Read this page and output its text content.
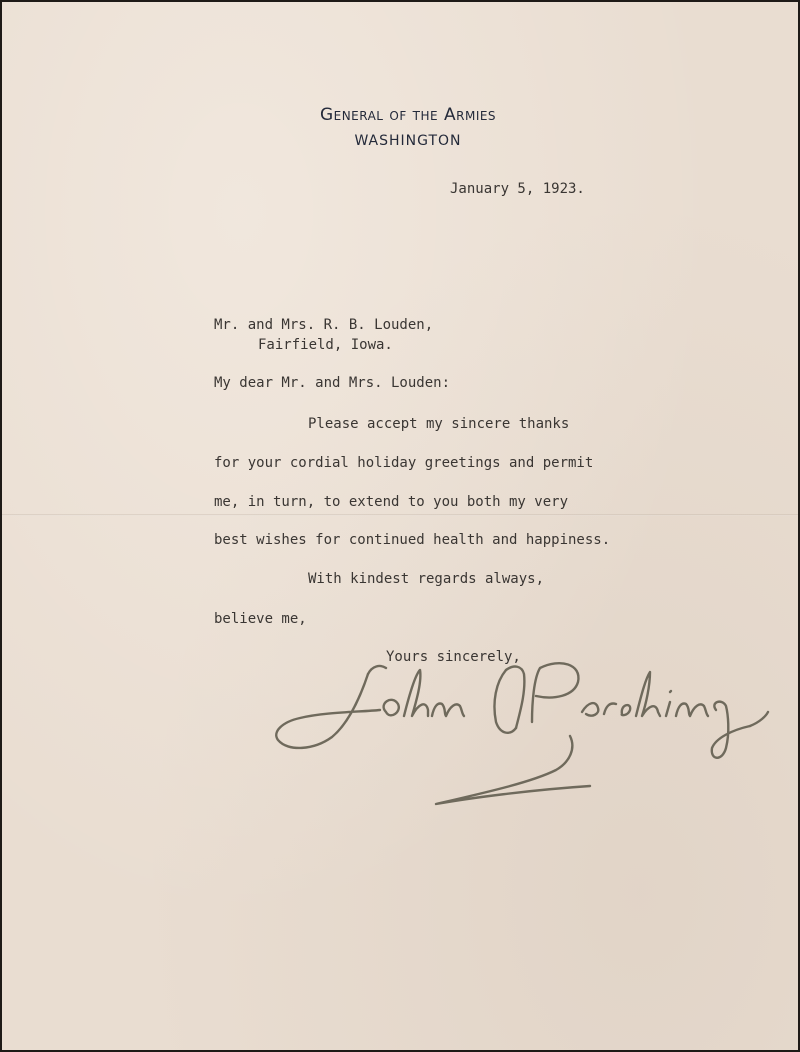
General of the Armies
WASHINGTON
January 5, 1923.
Mr. and Mrs. R. B. Louden,
Fairfield, Iowa.
My dear Mr. and Mrs. Louden:
Please accept my sincere thanks
for your cordial holiday greetings and permit
me, in turn, to extend to you both my very
best wishes for continued health and happiness.
With kindest regards always,
believe me,
Yours sincerely,
